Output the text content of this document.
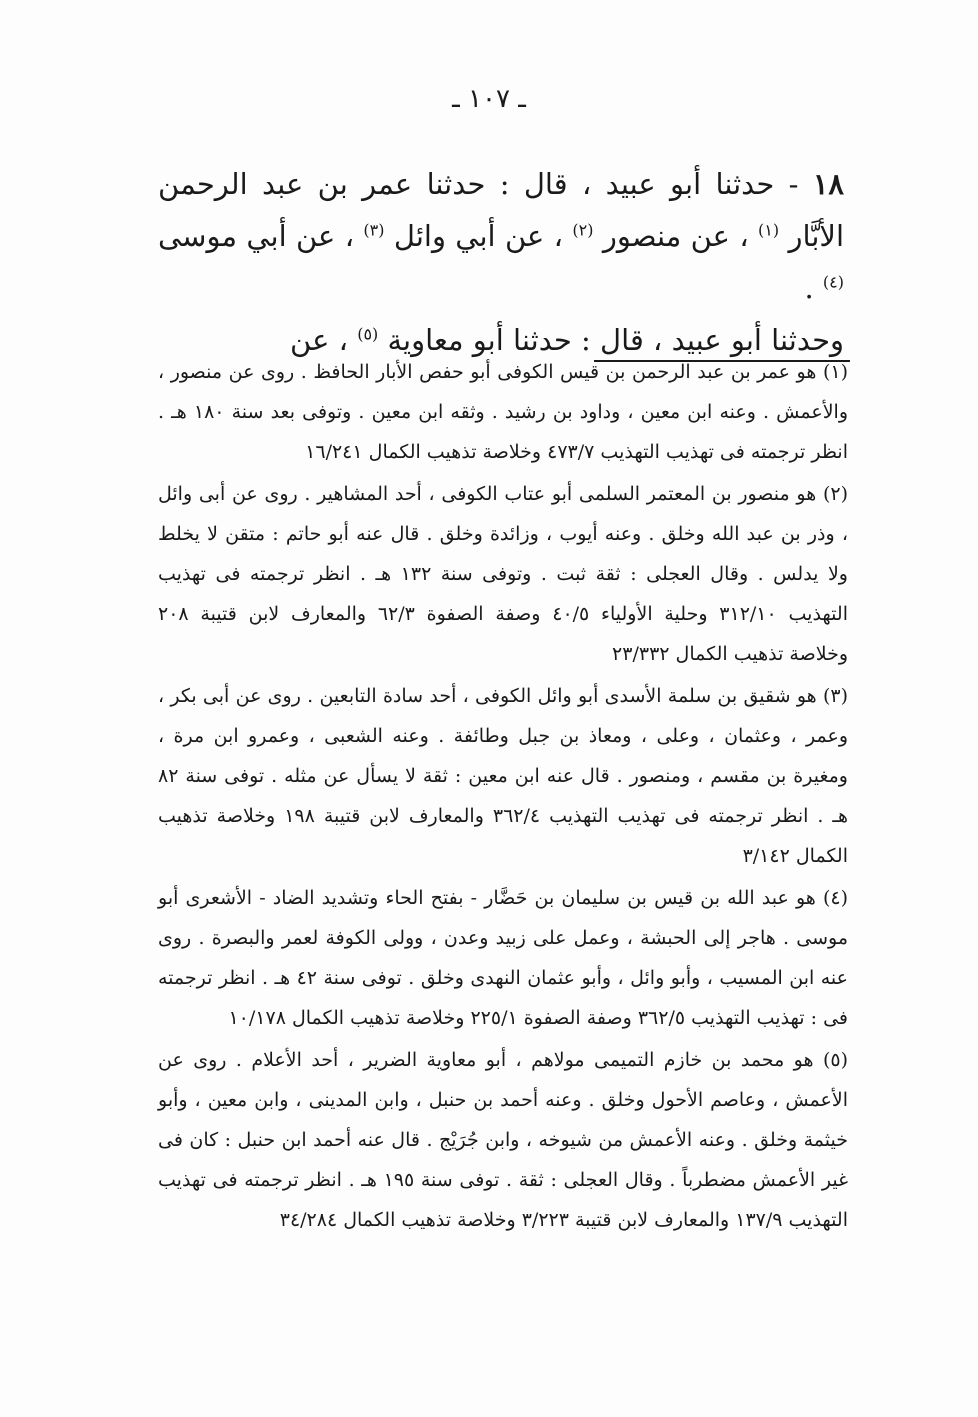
ـ ١٠٧ ـ
١٨ - حدثنا أبو عبيد ، قال : حدثنا عمر بن عبد الرحمن الأبَّار $^{(١)}$ ، عن منصور $^{(٢)}$ ، عن أبي وائل $^{(٣)}$ ، عن أبي موسى $^{(٤)}$ .
وحدثنا أبو عبيد ، قال : حدثنا أبو معاوية $^{(٥)}$ ، عن

(١) هو عمر بن عبد الرحمن بن قيس الكوفى أبو حفص الأبار الحافظ . روى عن منصور ، والأعمش . وعنه ابن معين ، وداود بن رشيد . وثقه ابن معين . وتوفى بعد سنة ١٨٠ هـ . انظر ترجمته فى تهذيب التهذيب ٤٧٣/٧ وخلاصة تذهيب الكمال ١٦/٢٤١

(٢) هو منصور بن المعتمر السلمى أبو عتاب الكوفى ، أحد المشاهير . روى عن أبى وائل ، وذر بن عبد الله وخلق . وعنه أيوب ، وزائدة وخلق . قال عنه أبو حاتم : متقن لا يخلط ولا يدلس . وقال العجلى : ثقة ثبت . وتوفى سنة ١٣٢ هـ . انظر ترجمته فى تهذيب التهذيب ٣١٢/١٠ وحلية الأولياء ٤٠/٥ وصفة الصفوة ٦٢/٣ والمعارف لابن قتيبة ٢٠٨ وخلاصة تذهيب الكمال ٢٣/٣٣٢

(٣) هو شقيق بن سلمة الأسدى أبو وائل الكوفى ، أحد سادة التابعين . روى عن أبى بكر ، وعمر ، وعثمان ، وعلى ، ومعاذ بن جبل وطائفة . وعنه الشعبى ، وعمرو ابن مرة ، ومغيرة بن مقسم ، ومنصور . قال عنه ابن معين : ثقة لا يسأل عن مثله . توفى سنة ٨٢ هـ . انظر ترجمته فى تهذيب التهذيب ٣٦٢/٤ والمعارف لابن قتيبة ١٩٨ وخلاصة تذهيب الكمال ٣/١٤٢

(٤) هو عبد الله بن قيس بن سليمان بن حَضَّار - بفتح الحاء وتشديد الضاد - الأشعرى أبو موسى . هاجر إلى الحبشة ، وعمل على زبيد وعدن ، وولى الكوفة لعمر والبصرة . روى عنه ابن المسيب ، وأبو وائل ، وأبو عثمان النهدى وخلق . توفى سنة ٤٢ هـ . انظر ترجمته فى : تهذيب التهذيب ٣٦٢/٥ وصفة الصفوة ٢٢٥/١ وخلاصة تذهيب الكمال ١٠/١٧٨

(٥) هو محمد بن خازم التميمى مولاهم ، أبو معاوية الضرير ، أحد الأعلام . روى عن الأعمش ، وعاصم الأحول وخلق . وعنه أحمد بن حنبل ، وابن المدينى ، وابن معين ، وأبو خيثمة وخلق . وعنه الأعمش من شيوخه ، وابن جُرَيْج . قال عنه أحمد ابن حنبل : كان فى غير الأعمش مضطرباً . وقال العجلى : ثقة . توفى سنة ١٩٥ هـ . انظر ترجمته فى تهذيب التهذيب ١٣٧/٩ والمعارف لابن قتيبة ٣/٢٢٣ وخلاصة تذهيب الكمال ٣٤/٢٨٤
